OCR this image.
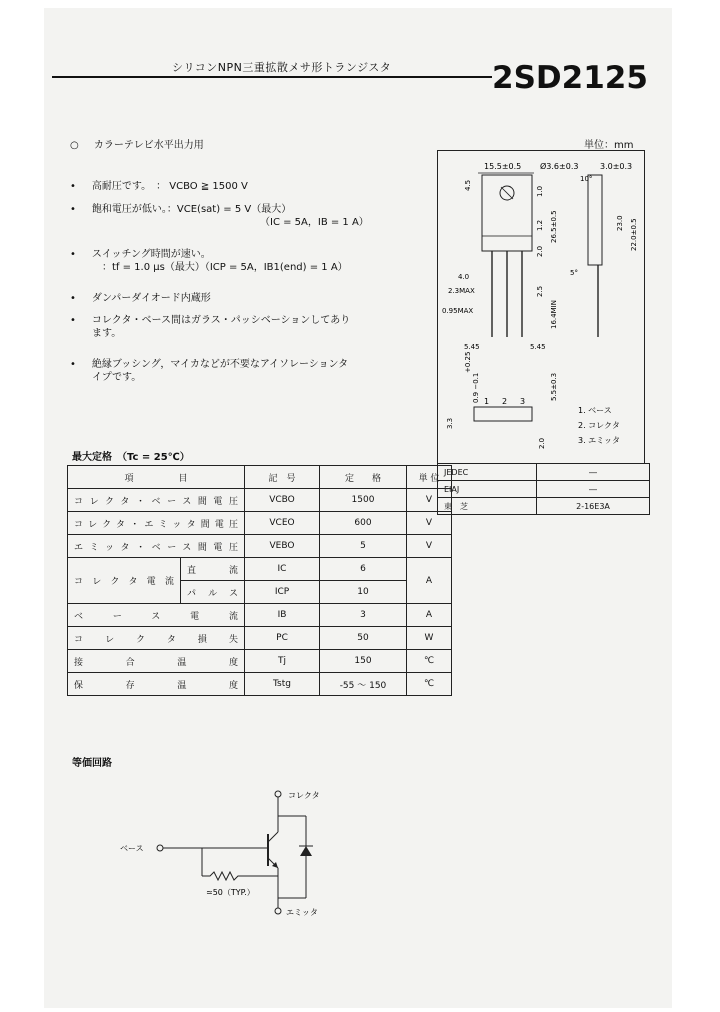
シリコンNPN三重拡散メサ形トランジスタ	2SD2125
○ カラーテレビ水平出力用	単位：mm
• 高耐圧です。　： VCBO ≧ 1500 V
• 飽和電圧が低い。：VCE(sat) = 5 V（最大）
（IC = 5A，IB = 1 A）
• スイッチング時間が速い。
：tf = 1.0 µs（最大）（ICP = 5A，IB1(end) = 1 A）
• ダンパーダイオード内蔵形
• コレクタ・ベース間はガラス・パッシベーションしてあり
ます。
• 絶縁ブッシング，マイカなどが不要なアイソレーションタ
イプです。
15.5±0.5 Ø3.6±0.3	3.0±0.3
4.5
1.0
1.2
2.0
26.5±0.5
4.0
2.3MAX	2.5
0.95MAX	16.4MIN
5.45	5.45
10°
5°
23.0 22.0±0.5
1 2 3
+0.25
0.9 −0.1	5.5±0.3
3.3
2.0
1. ベース
2. コレクタ
3. エミッタ
JEDEC	―
EIAJ	―
東　芝	2-16E3A
最大定格　（Tc = 25℃）
項　　　　　目		記　号	定　　格	単 位
コレクタ・ベース間電圧		VCBO	1500	V
コレクタ・エミッタ間電圧		VCEO	600	V
エミッタ・ベース間電圧		VEBO	5	V
コレクタ電流	直流	IC	6	A
	パルス	ICP	10	
ベース電流		IB	3	A
コレクタ損失		PC	50	W
接合温度		Tj	150	℃
保存温度		Tstg	-55 ～ 150	℃
等価回路
コレクタ
ベース
≃50（TYP.）
エミッタ
